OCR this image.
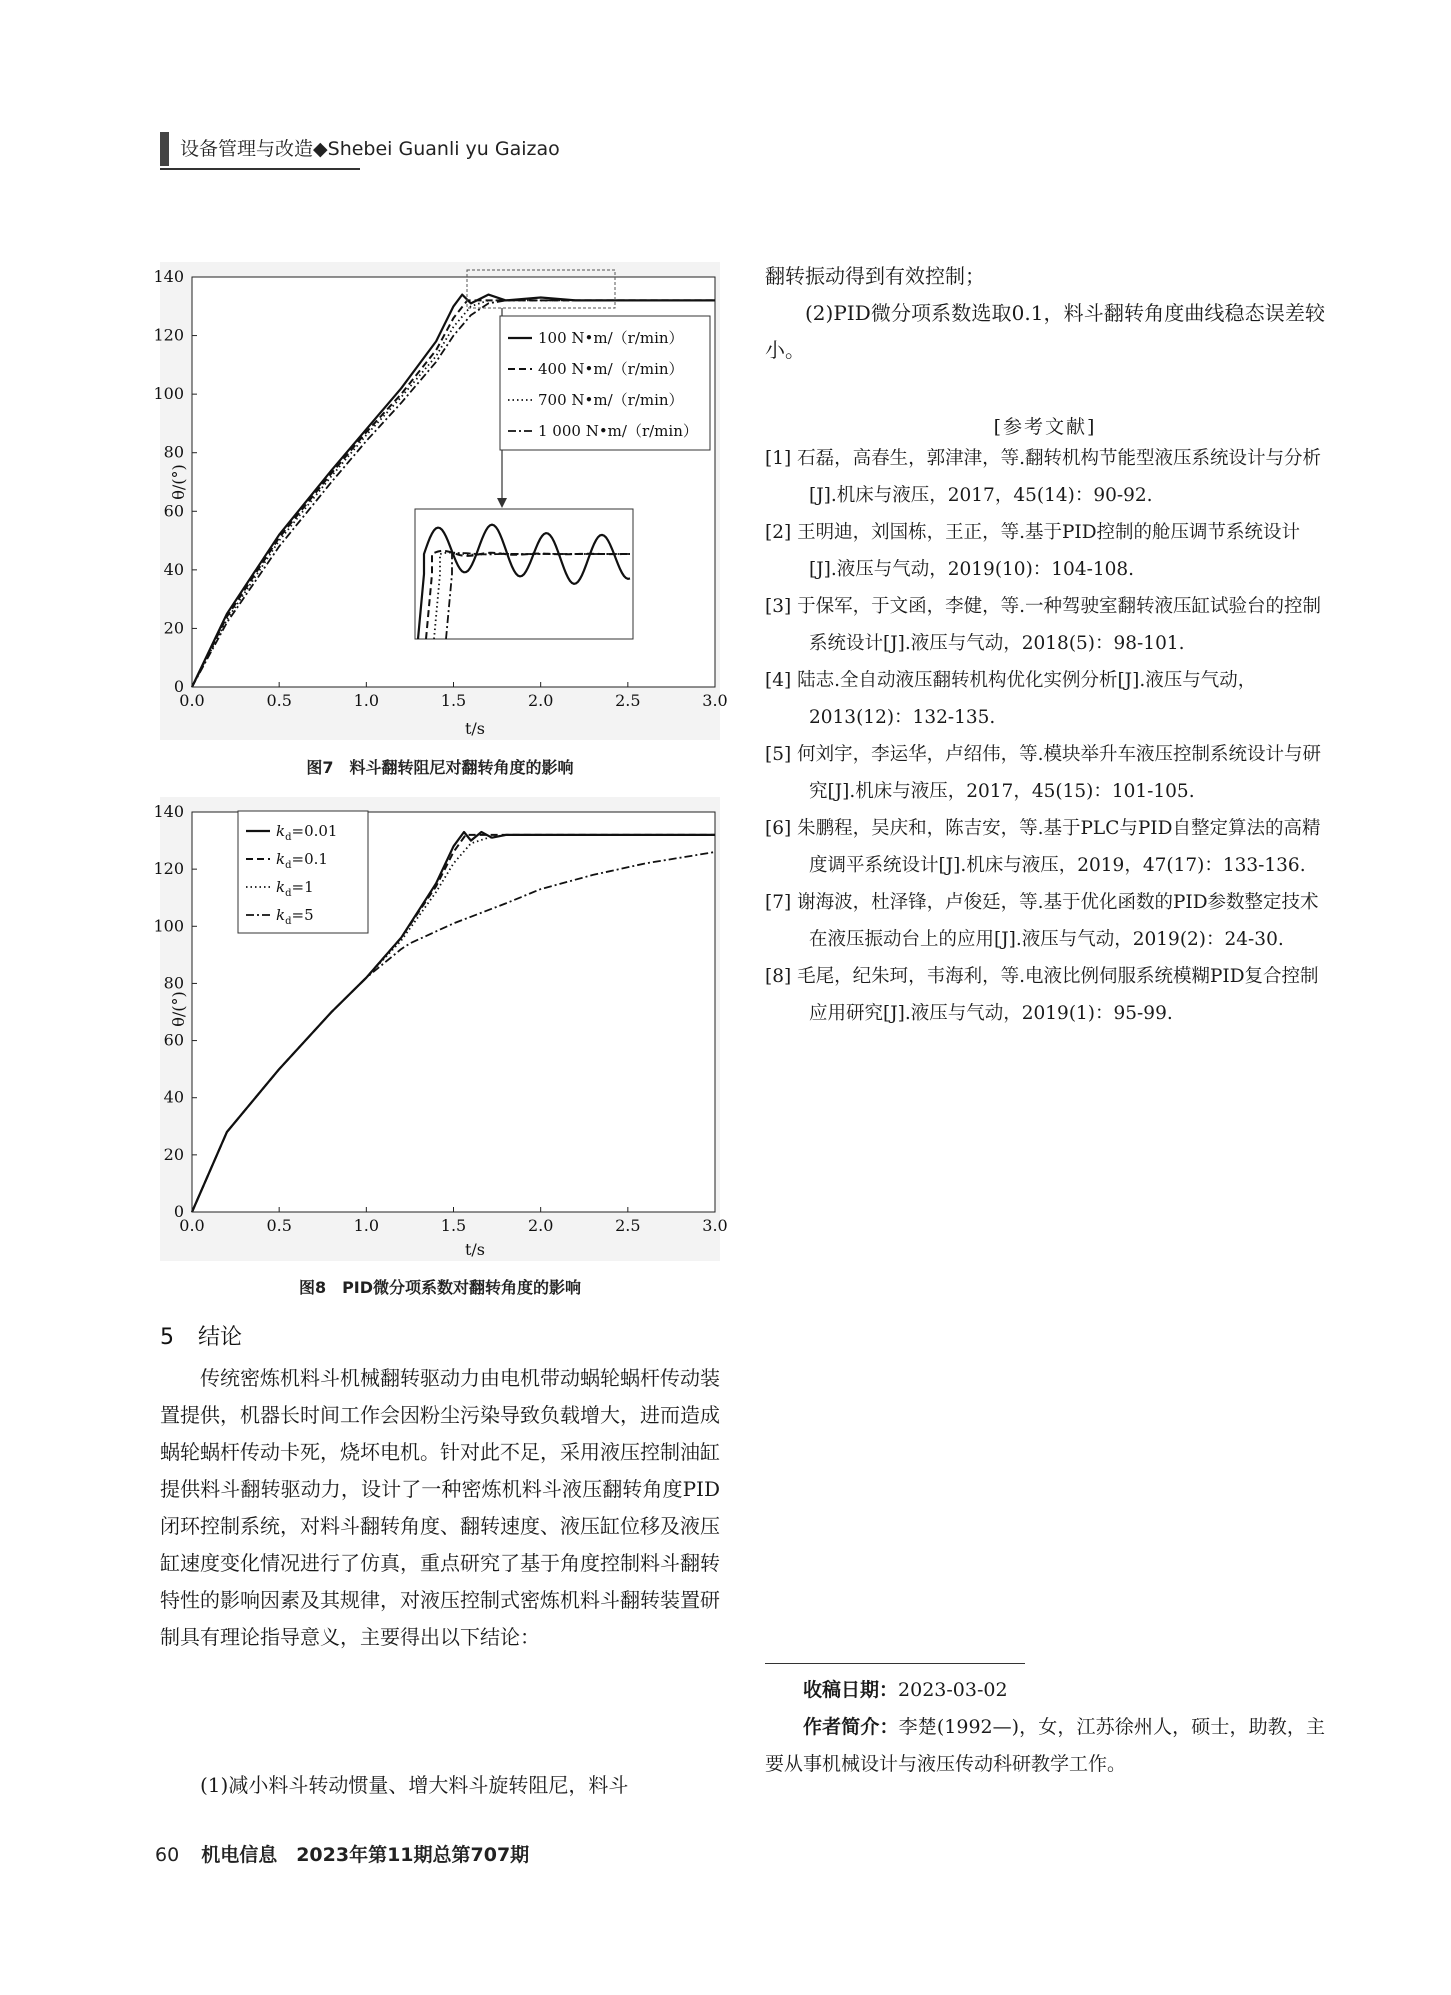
设备管理与改造◆Shebei Guanli yu Gaizao
0.0	0.5	1.0	1.5	2.0	2.5	3.0
0
20
40
60
80
100
120
140
t/s
θ/(°)
100 N•m/（r/min）
400 N•m/（r/min）
700 N•m/（r/min）
1 000 N•m/（r/min）
图7　料斗翻转阻尼对翻转角度的影响
0.0	0.5	1.0	1.5	2.0	2.5	3.0
0
20
40
60
80
100
120
140
t/s
θ/(°)
$k_d=0.01$
$k_d=0.1$
$k_d=1$
$k_d=5$
图8　PID微分项系数对翻转角度的影响
5 结论
传统密炼机料斗机械翻转驱动力由电机带动蜗轮蜗杆传动装置提供，机器长时间工作会因粉尘污染导致负载增大，进而造成蜗轮蜗杆传动卡死，烧坏电机。针对此不足，采用液压控制油缸提供料斗翻转驱动力，设计了一种密炼机料斗液压翻转角度PID闭环控制系统，对料斗翻转角度、翻转速度、液压缸位移及液压缸速度变化情况进行了仿真，重点研究了基于角度控制料斗翻转特性的影响因素及其规律，对液压控制式密炼机料斗翻转装置研制具有理论指导意义，主要得出以下结论：
(1)减小料斗转动惯量、增大料斗旋转阻尼，料斗
翻转振动得到有效控制；
(2)PID微分项系数选取0.1，料斗翻转角度曲线稳态误差较小。
[参考文献]

[1] 石磊，高春生，郭津津，等.翻转机构节能型液压系统设计与分析[J].机床与液压，2017，45(14)：90-92.

[2] 王明迪，刘国栋，王正，等.基于PID控制的舱压调节系统设计[J].液压与气动，2019(10)：104-108.

[3] 于保军，于文函，李健，等.一种驾驶室翻转液压缸试验台的控制系统设计[J].液压与气动，2018(5)：98-101.

[4] 陆志.全自动液压翻转机构优化实例分析[J].液压与气动，2013(12)：132-135.

[5] 何刘宇，李运华，卢绍伟，等.模块举升车液压控制系统设计与研究[J].机床与液压，2017，45(15)：101-105.

[6] 朱鹏程，吴庆和，陈吉安，等.基于PLC与PID自整定算法的高精度调平系统设计[J].机床与液压，2019，47(17)：133-136.

[7] 谢海波，杜泽锋，卢俊廷，等.基于优化函数的PID参数整定技术在液压振动台上的应用[J].液压与气动，2019(2)：24-30.

[8] 毛尾，纪朱珂，韦海利，等.电液比例伺服系统模糊PID复合控制应用研究[J].液压与气动，2019(1)：95-99.

收稿日期：2023-03-02
作者简介：李楚(1992—)，女，江苏徐州人，硕士，助教，主要从事机械设计与液压传动科研教学工作。
60 机电信息　2023年第11期总第707期
